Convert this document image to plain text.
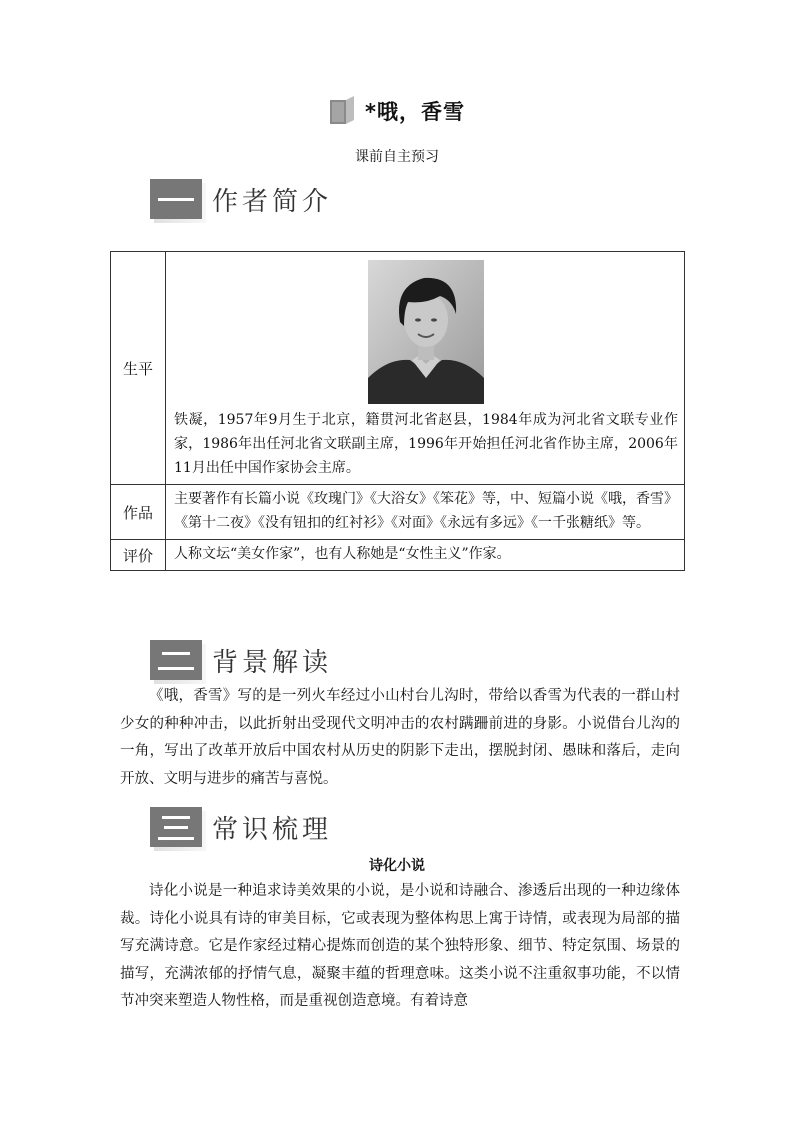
*哦，香雪
课前自主预习
作者简介
生平	铁凝，1957年9月生于北京，籍贯河北省赵县，1984年成为河北省文联专业作家，1986年出任河北省文联副主席，1996年开始担任河北省作协主席，2006年11月出任中国作家协会主席。

作品	主要著作有长篇小说《玫瑰门》《大浴女》《笨花》等，中、短篇小说《哦，香雪》《第十二夜》《没有钮扣的红衬衫》《对面》《永远有多远》《一千张糖纸》等。
评价	人称文坛“美女作家”，也有人称她是“女性主义”作家。
背景解读
《哦，香雪》写的是一列火车经过小山村台儿沟时，带给以香雪为代表的一群山村少女的种种冲击，以此折射出受现代文明冲击的农村蹒跚前进的身影。小说借台儿沟的一角，写出了改革开放后中国农村从历史的阴影下走出，摆脱封闭、愚昧和落后，走向开放、文明与进步的痛苦与喜悦。
常识梳理
诗化小说
诗化小说是一种追求诗美效果的小说，是小说和诗融合、渗透后出现的一种边缘体裁。诗化小说具有诗的审美目标，它或表现为整体构思上寓于诗情，或表现为局部的描写充满诗意。它是作家经过精心提炼而创造的某个独特形象、细节、特定氛围、场景的描写，充满浓郁的抒情气息，凝聚丰蕴的哲理意味。这类小说不注重叙事功能，不以情节冲突来塑造人物性格，而是重视创造意境。有着诗意
